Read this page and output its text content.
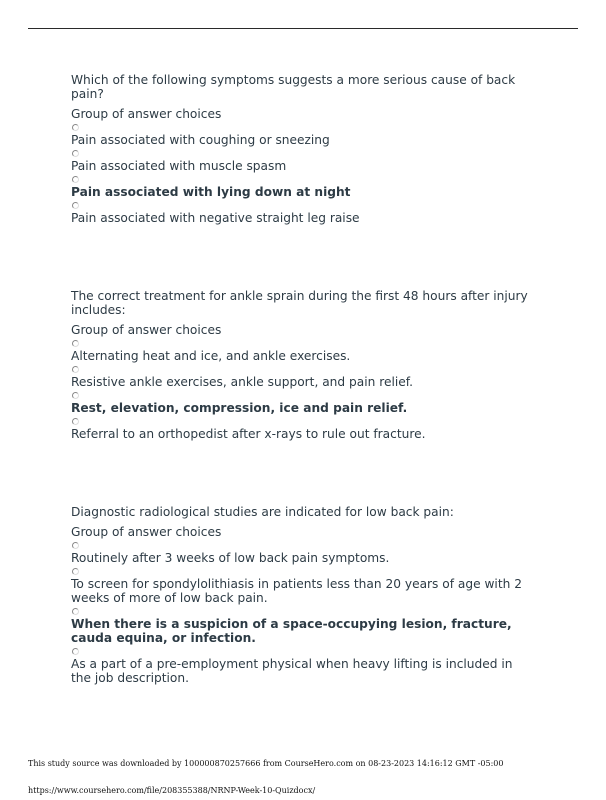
Which of the following symptoms suggests a more serious cause of back pain?

Group of answer choices

Pain associated with coughing or sneezing
Pain associated with muscle spasm
Pain associated with lying down at night
Pain associated with negative straight leg raise

The correct treatment for ankle sprain during the first 48 hours after injury includes:

Group of answer choices

Alternating heat and ice, and ankle exercises.
Resistive ankle exercises, ankle support, and pain relief.
Rest, elevation, compression, ice and pain relief.
Referral to an orthopedist after x-rays to rule out fracture.

Diagnostic radiological studies are indicated for low back pain:

Group of answer choices

Routinely after 3 weeks of low back pain symptoms.
To screen for spondylolithiasis in patients less than 20 years of age with 2 weeks of more of low back pain.
When there is a suspicion of a space-occupying lesion, fracture, cauda equina, or infection.
As a part of a pre-employment physical when heavy lifting is included in the job description.
This study source was downloaded by 100000870257666 from CourseHero.com on 08-23-2023 14:16:12 GMT -05:00
https://www.coursehero.com/file/208355388/NRNP-Week-10-Quizdocx/
